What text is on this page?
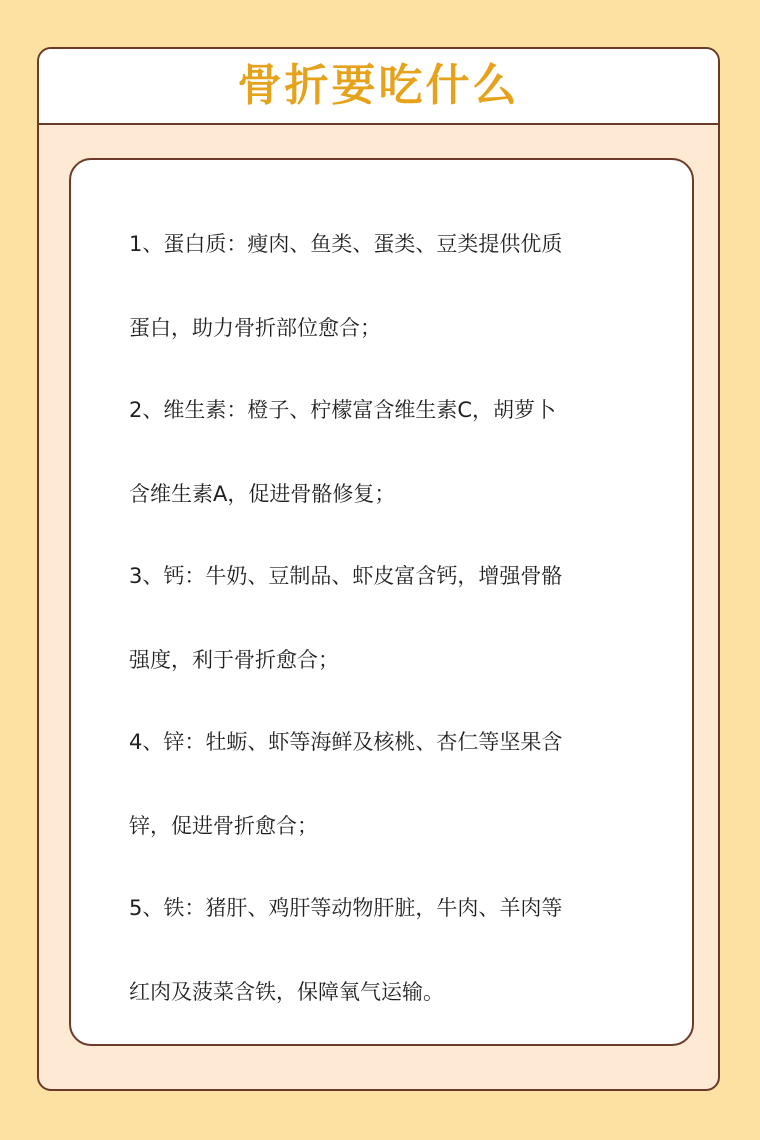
骨折要吃什么
1、蛋白质：瘦肉、鱼类、蛋类、豆类提供优质
蛋白，助力骨折部位愈合；
2、维生素：橙子、柠檬富含维生素C，胡萝卜
含维生素A，促进骨骼修复；
3、钙：牛奶、豆制品、虾皮富含钙，增强骨骼
强度，利于骨折愈合；
4、锌：牡蛎、虾等海鲜及核桃、杏仁等坚果含
锌，促进骨折愈合；
5、铁：猪肝、鸡肝等动物肝脏，牛肉、羊肉等
红肉及菠菜含铁，保障氧气运输。
